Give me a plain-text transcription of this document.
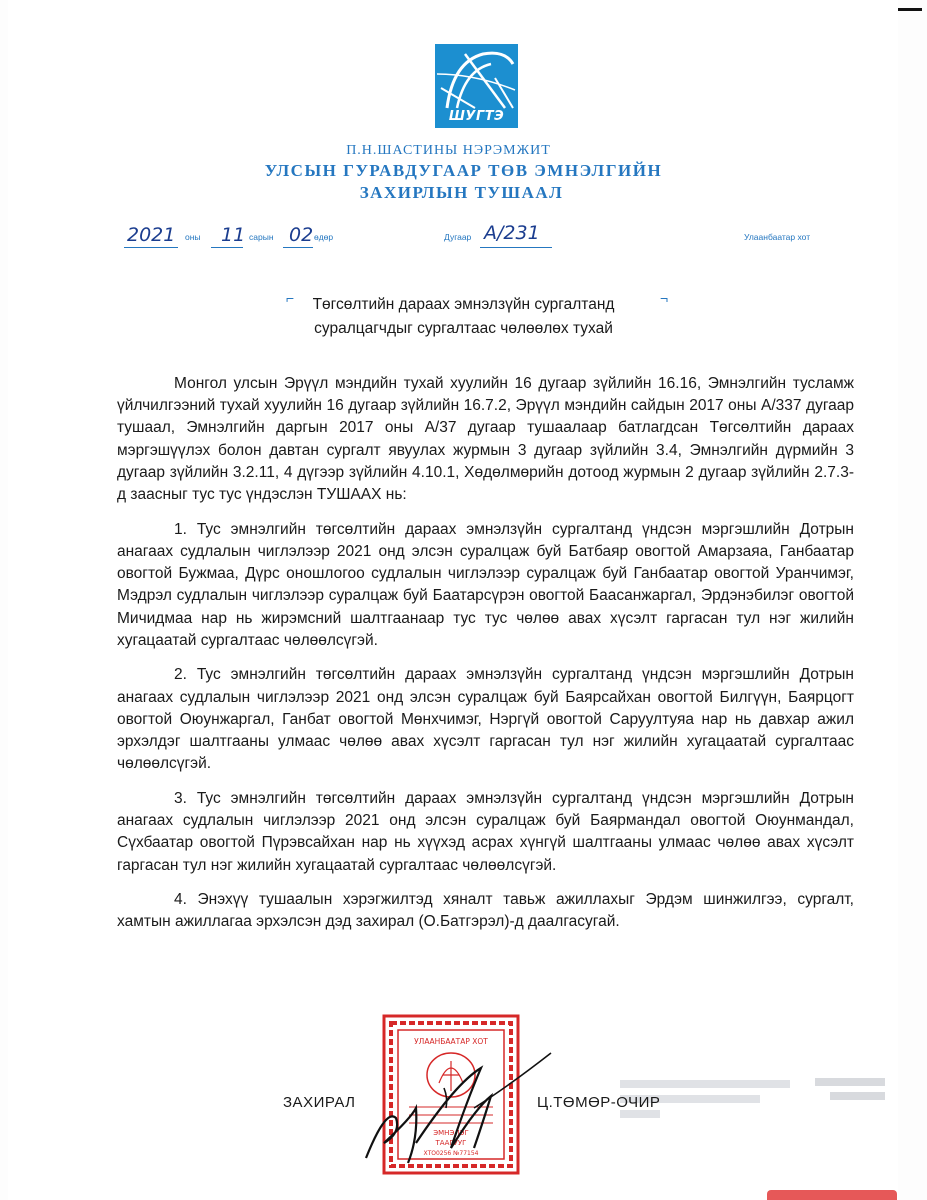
ШУГТЭ
П.Н.ШАСТИНЫ НЭРЭМЖИТ
УЛСЫН ГУРАВДУГААР ТӨВ ЭМНЭЛГИЙН
ЗАХИРЛЫН ТУШААЛ
2021 оны 11 сарын 02 өдөр	Дугаар А/231	Улаанбаатар хот
⌐	¬
Төгсөлтийн дараах эмнэлзүйн сургалтанд
суралцагчдыг сургалтаас чөлөөлөх тухай

Монгол улсын Эрүүл мэндийн тухай хуулийн 16 дугаар зүйлийн 16.16, Эмнэлгийн тусламж үйлчилгээний тухай хуулийн 16 дугаар зүйлийн 16.7.2, Эрүүл мэндийн сайдын 2017 оны А/337 дугаар тушаал, Эмнэлгийн даргын 2017 оны А/37 дугаар тушаалаар батлагдсан Төгсөлтийн дараах мэргэшүүлэх болон давтан сургалт явуулах журмын 3 дугаар зүйлийн 3.4, Эмнэлгийн дүрмийн 3 дугаар зүйлийн 3.2.11, 4 дүгээр зүйлийн 4.10.1, Хөдөлмөрийн дотоод журмын 2 дугаар зүйлийн 2.7.3-д заасныг тус тус үндэслэн ТУШААХ нь:

1. Тус эмнэлгийн төгсөлтийн дараах эмнэлзүйн сургалтанд үндсэн мэргэшлийн Дотрын анагаах судлалын чиглэлээр 2021 онд элсэн суралцаж буй Батбаяр овогтой Амарзаяа, Ганбаатар овогтой Бужмаа, Дүрс оношлогоо судлалын чиглэлээр суралцаж буй Ганбаатар овогтой Уранчимэг, Мэдрэл судлалын чиглэлээр суралцаж буй Баатарсүрэн овогтой Баасанжаргал, Эрдэнэбилэг овогтой Мичидмаа нар нь жирэмсний шалтгаанаар тус тус чөлөө авах хүсэлт гаргасан тул нэг жилийн хугацаатай сургалтаас чөлөөлсүгэй.

2. Тус эмнэлгийн төгсөлтийн дараах эмнэлзүйн сургалтанд үндсэн мэргэшлийн Дотрын анагаах судлалын чиглэлээр 2021 онд элсэн суралцаж буй Баярсайхан овогтой Билгүүн, Баярцогт овогтой Оюунжаргал, Ганбат овогтой Мөнхчимэг, Нэргүй овогтой Саруултуяа нар нь давхар ажил эрхэлдэг шалтгааны улмаас чөлөө авах хүсэлт гаргасан тул нэг жилийн хугацаатай сургалтаас чөлөөлсүгэй.

3. Тус эмнэлгийн төгсөлтийн дараах эмнэлзүйн сургалтанд үндсэн мэргэшлийн Дотрын анагаах судлалын чиглэлээр 2021 онд элсэн суралцаж буй Баярмандал овогтой Оюунмандал, Сүхбаатар овогтой Пүрэвсайхан нар нь хүүхэд асрах хүнгүй шалтгааны улмаас чөлөө авах хүсэлт гаргасан тул нэг жилийн хугацаатай сургалтаас чөлөөлсүгэй.

4. Энэхүү тушаалын хэрэгжилтэд хяналт тавьж ажиллахыг Эрдэм шинжилгээ, сургалт, хамтын ажиллагаа эрхэлсэн дэд захирал (О.Батгэрэл)-д даалгасугай.

ЗАХИРАЛ
УЛААНБААТАР ХОТ
ЭМНЭЛЭГ
ТААГУУГ
ХТО0256 №77154
Ц.ТӨМӨР-ОЧИР
